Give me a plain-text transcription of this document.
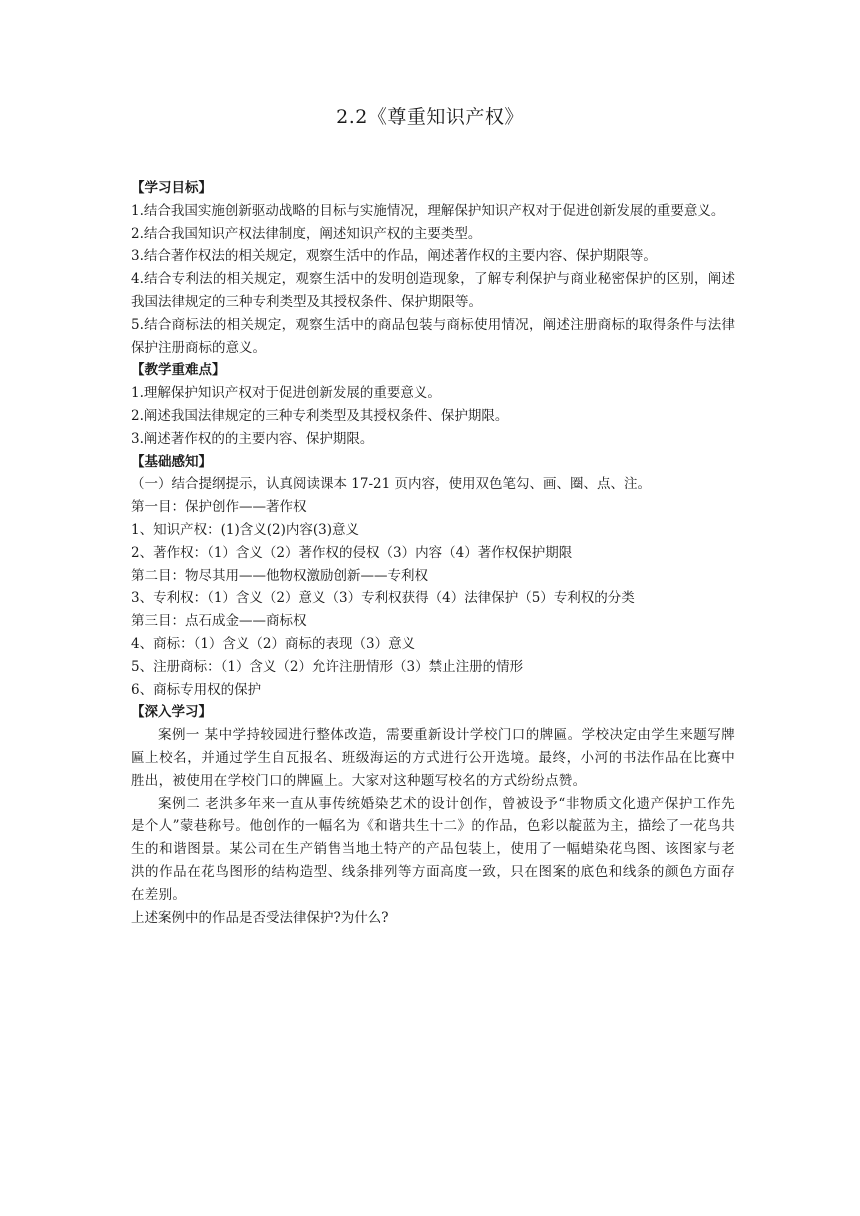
2.2《尊重知识产权》
【学习目标】
1.结合我国实施创新驱动战略的目标与实施情况，理解保护知识产权对于促进创新发展的重要意义。
2.结合我国知识产权法律制度，阐述知识产权的主要类型。
3.结合著作权法的相关规定，观察生活中的作品，阐述著作权的主要内容、保护期限等。
4.结合专利法的相关规定，观察生活中的发明创造现象，了解专利保护与商业秘密保护的区别，阐述我国法律规定的三种专利类型及其授权条件、保护期限等。
5.结合商标法的相关规定，观察生活中的商品包装与商标使用情况，阐述注册商标的取得条件与法律保护注册商标的意义。
【教学重难点】
1.理解保护知识产权对于促进创新发展的重要意义。
2.阐述我国法律规定的三种专利类型及其授权条件、保护期限。
3.阐述著作权的的主要内容、保护期限。
【基础感知】
（一）结合提纲提示，认真阅读课本 17-21 页内容，使用双色笔勾、画、圈、点、注。
第一目：保护创作——著作权
1、知识产权：(1)含义(2)内容(3)意义
2、著作权：（1）含义（2）著作权的侵权（3）内容（4）著作权保护期限
第二目：物尽其用——他物权激励创新——专利权
3、专利权：（1）含义（2）意义（3）专利权获得（4）法律保护（5）专利权的分类
第三目：点石成金——商标权
4、商标：（1）含义（2）商标的表现（3）意义
5、注册商标：（1）含义（2）允许注册情形（3）禁止注册的情形
6、商标专用权的保护
【深入学习】
案例一 某中学持较园进行整体改造，需要重新设计学校门口的牌匾。学校决定由学生来题写牌匾上校名，并通过学生自瓦报名、班级海运的方式进行公开选境。最终，小河的书法作品在比赛中胜出，被使用在学校门口的牌匾上。大家对这种题写校名的方式纷纷点赞。
案例二 老洪多年来一直从事传统婚染艺术的设计创作，曾被设予“非物质文化遗产保护工作先是个人”蒙巷称号。他创作的一幅名为《和谐共生十二》的作品，色彩以靛蓝为主，描绘了一花鸟共生的和谐图景。某公司在生产销售当地土特产的产品包装上，使用了一幅蜡染花鸟图、该图家与老洪的作品在花鸟图形的结构造型、线条排列等方面高度一致，只在图案的底色和线条的颜色方面存在差别。
上述案例中的作品是否受法律保护?为什么?
